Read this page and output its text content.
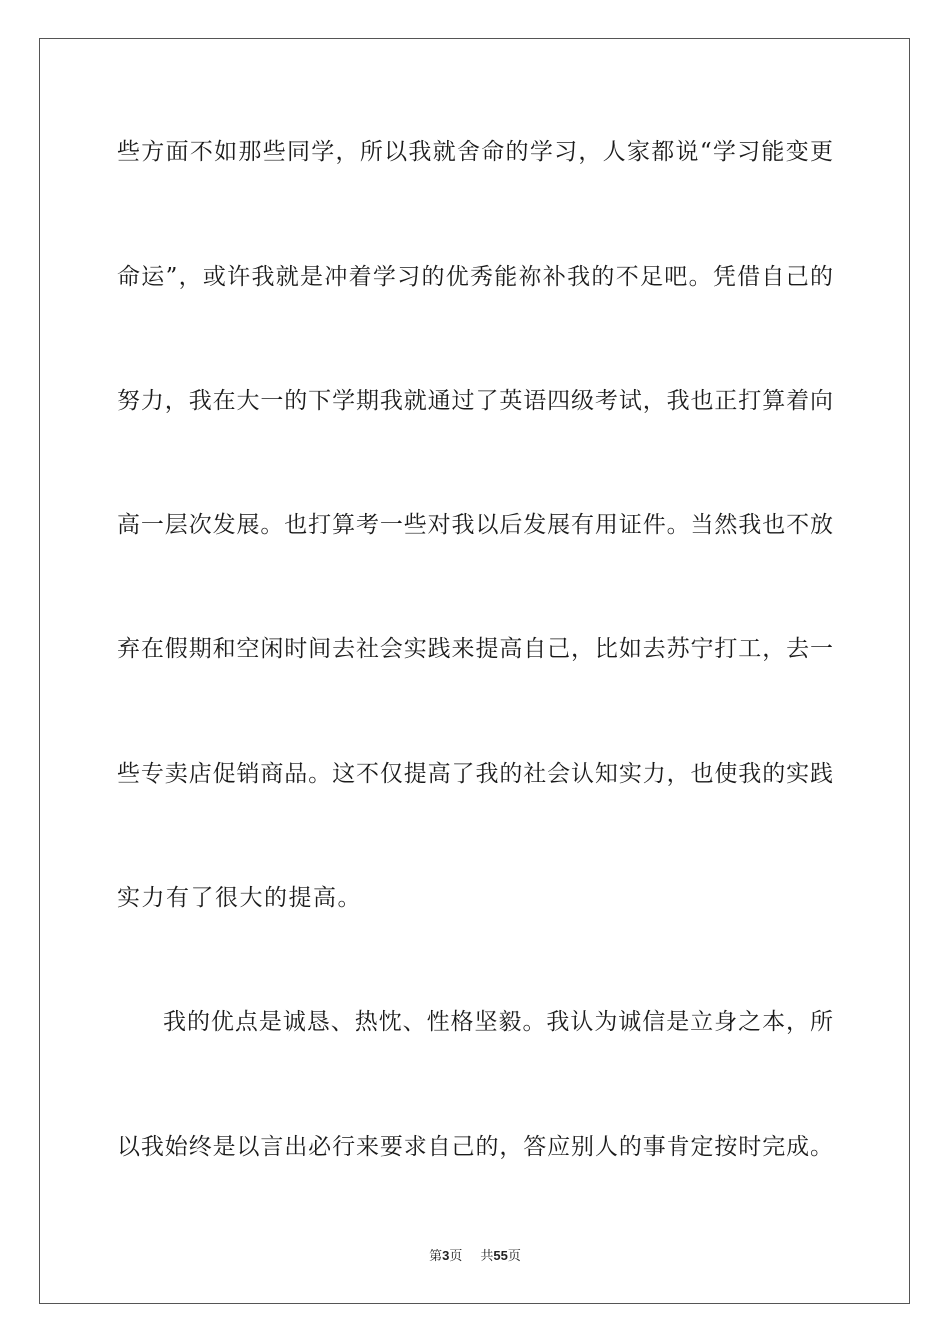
些方面不如那些同学，所以我就舍命的学习，人家都说“学习能变更
命运”，或许我就是冲着学习的优秀能祢补我的不足吧。凭借自己的
努力，我在大一的下学期我就通过了英语四级考试，我也正打算着向
高一层次发展。也打算考一些对我以后发展有用证件。当然我也不放
弃在假期和空闲时间去社会实践来提高自己，比如去苏宁打工，去一
些专卖店促销商品。这不仅提高了我的社会认知实力，也使我的实践
实力有了很大的提高。
我的优点是诚恳、热忱、性格坚毅。我认为诚信是立身之本，所
以我始终是以言出必行来要求自己的，答应别人的事肯定按时完成。
第3页 共55页
